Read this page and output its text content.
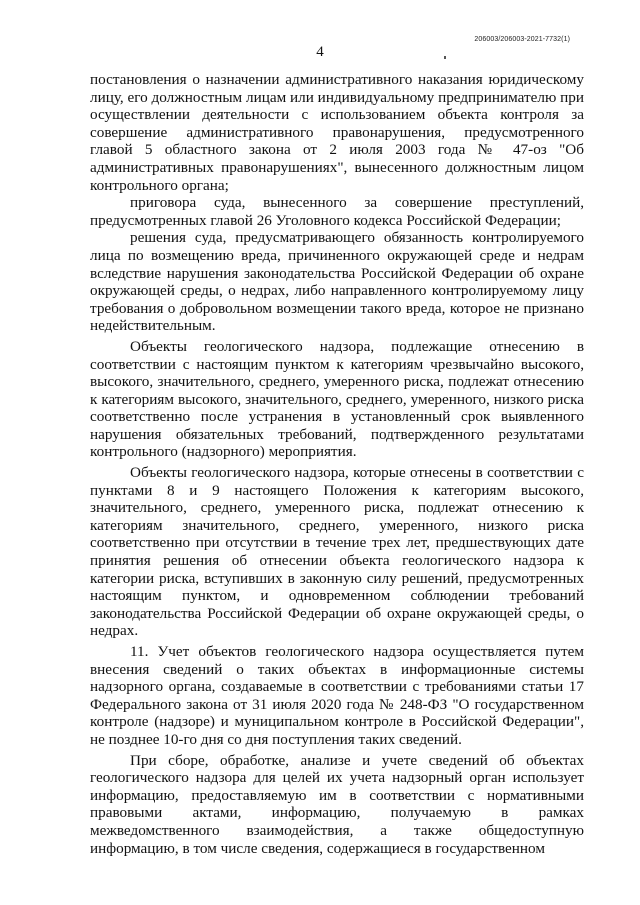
206003/206003-2021-7732(1)
4

постановления о назначении административного наказания юридическому лицу, его должностным лицам или индивидуальному предпринимателю при осуществлении деятельности с использованием объекта контроля за совершение административного правонарушения, предусмотренного главой 5 областного закона от 2 июля 2003 года № 47-оз "Об административных правонарушениях", вынесенного должностным лицом контрольного органа;

приговора суда, вынесенного за совершение преступлений, предусмотренных главой 26 Уголовного кодекса Российской Федерации;

решения суда, предусматривающего обязанность контролируемого лица по возмещению вреда, причиненного окружающей среде и недрам вследствие нарушения законодательства Российской Федерации об охране окружающей среды, о недрах, либо направленного контролируемому лицу требования о добровольном возмещении такого вреда, которое не признано недействительным.

Объекты геологического надзора, подлежащие отнесению в соответствии с настоящим пунктом к категориям чрезвычайно высокого, высокого, значительного, среднего, умеренного риска, подлежат отнесению к категориям высокого, значительного, среднего, умеренного, низкого риска соответственно после устранения в установленный срок выявленного нарушения обязательных требований, подтвержденного результатами контрольного (надзорного) мероприятия.

Объекты геологического надзора, которые отнесены в соответствии с пунктами 8 и 9 настоящего Положения к категориям высокого, значительного, среднего, умеренного риска, подлежат отнесению к категориям значительного, среднего, умеренного, низкого риска соответственно при отсутствии в течение трех лет, предшествующих дате принятия решения об отнесении объекта геологического надзора к категории риска, вступивших в законную силу решений, предусмотренных настоящим пунктом, и одновременном соблюдении требований законодательства Российской Федерации об охране окружающей среды, о недрах.

11. Учет объектов геологического надзора осуществляется путем внесения сведений о таких объектах в информационные системы надзорного органа, создаваемые в соответствии с требованиями статьи 17 Федерального закона от 31 июля 2020 года № 248-ФЗ "О государственном контроле (надзоре) и муниципальном контроле в Российской Федерации", не позднее 10-го дня со дня поступления таких сведений.

При сборе, обработке, анализе и учете сведений об объектах геологического надзора для целей их учета надзорный орган использует информацию, предоставляемую им в соответствии с нормативными правовыми актами, информацию, получаемую в рамках межведомственного взаимодействия, а также общедоступную информацию, в том числе сведения, содержащиеся в государственном
